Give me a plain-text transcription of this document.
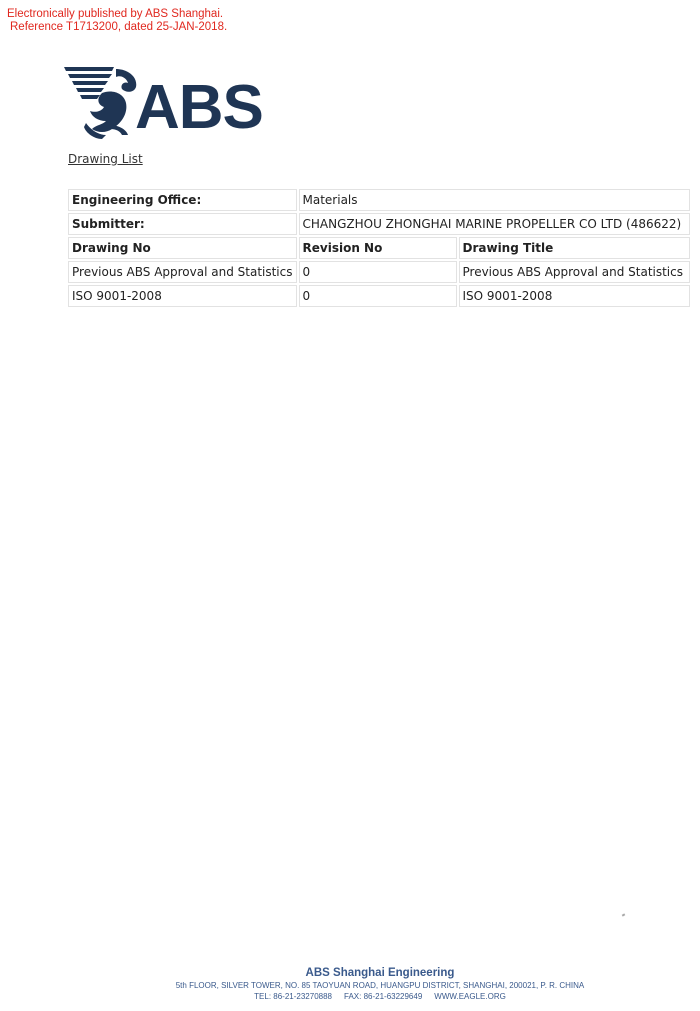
Electronically published by ABS Shanghai.
Reference T1713200, dated 25-JAN-2018.
ABS
Drawing List
Engineering Office:	Materials	
Submitter:	CHANGZHOU ZHONGHAI MARINE PROPELLER CO LTD (486622)	
Drawing No	Revision No	Drawing Title
Previous ABS Approval and Statistics	0	Previous ABS Approval and Statistics
ISO 9001-2008	0	ISO 9001-2008
ABS Shanghai Engineering
5th FLOOR, SILVER TOWER, NO. 85 TAOYUAN ROAD, HUANGPU DISTRICT, SHANGHAI, 200021, P. R. CHINA
TEL: 86-21-23270888 FAX: 86-21-63229649 WWW.EAGLE.ORG
